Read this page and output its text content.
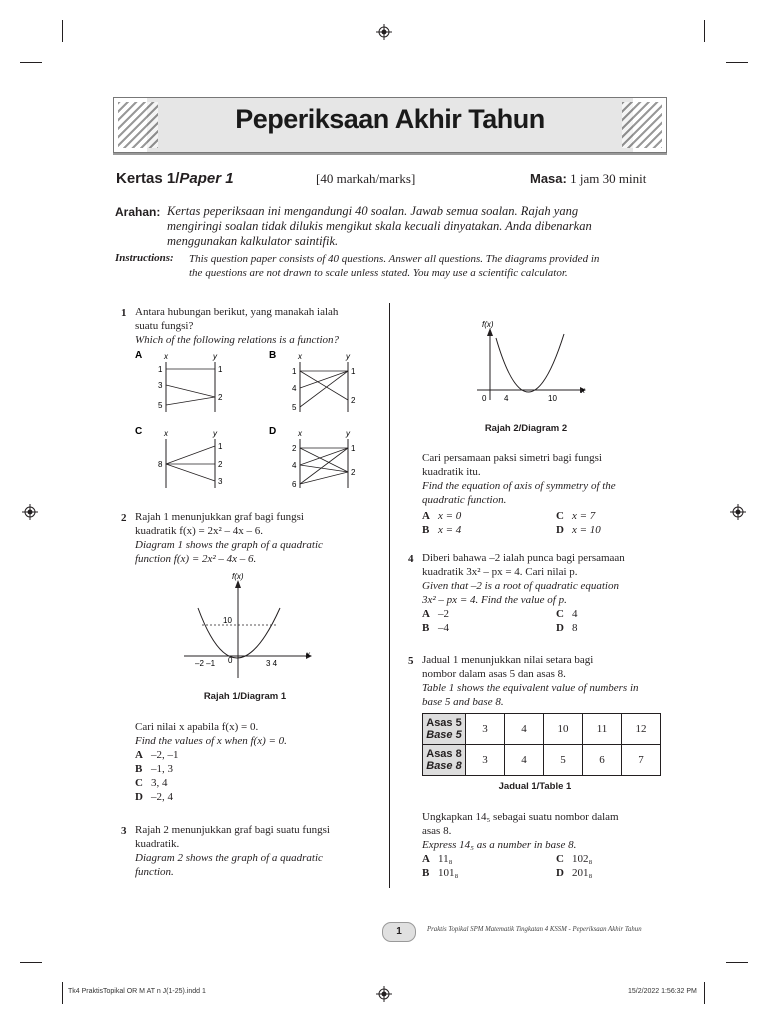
Peperiksaan Akhir Tahun
Kertas 1/Paper 1	[40 markah/marks]	Masa: 1 jam 30 minit
Arahan: Kertas peperiksaan ini mengandungi 40 soalan. Jawab semua soalan. Rajah yang
mengiringi soalan tidak dilukis mengikut skala kecuali dinyatakan. Anda dibenarkan
menggunakan kalkulator saintifik.
Instructions: This question paper consists of 40 questions. Answer all questions. The diagrams provided in
the questions are not drawn to scale unless stated. You may use a scientific calculator.
1 Antara hubungan berikut, yang manakah ialah
suatu fungsi?
Which of the following relations is a function?
A	x	y
1
3
5
1
2
B	x	y
1
4
5
1
2
C	x	y
8
1
2
3
D	x	y
2
4
6
1
2
2 Rajah 1 menunjukkan graf bagi fungsi
kuadratik f(x) = 2x² – 4x – 6.
Diagram 1 shows the graph of a quadratic
function f(x) = 2x² – 4x – 6.
f(x)
x
10
0
–2 –1	3 4
Rajah 1/Diagram 1
Cari nilai x apabila f(x) = 0.
Find the values of x when f(x) = 0.
A –2, –1
B –1, 3
C 3, 4
D –2, 4
3 Rajah 2 menunjukkan graf bagi suatu fungsi
kuadratik.
Diagram 2 shows the graph of a quadratic
function.
f(x)
x
0 4	10
Rajah 2/Diagram 2
Cari persamaan paksi simetri bagi fungsi
kuadratik itu.
Find the equation of axis of symmetry of the
quadratic function.
A x = 0	C x = 7
B x = 4	D x = 10
4 Diberi bahawa –2 ialah punca bagi persamaan
kuadratik 3x² – px = 4. Cari nilai p.
Given that –2 is a root of quadratic equation
3x² – px = 4. Find the value of p.
A –2	C 4
B –4	D 8
5 Jadual 1 menunjukkan nilai setara bagi
nombor dalam asas 5 dan asas 8.
Table 1 shows the equivalent value of numbers in
base 5 and base 8.
Asas 5
Base 5	3	4	10	11	12

Asas 8
Base 8	3	4	5	6	7
Jadual 1/Table 1
Ungkapkan 14₅ sebagai suatu nombor dalam
asas 8.
Express 14₅ as a number in base 8.
A 11₈	C 102₈
B 101₈	D 201₈
1	Praktis Topikal SPM Matematik Tingkatan 4 KSSM - Peperiksaan Akhir Tahun
Tk4 PraktisTopikal OR M AT n J(1-25).indd 1	15/2/2022 1:56:32 PM
